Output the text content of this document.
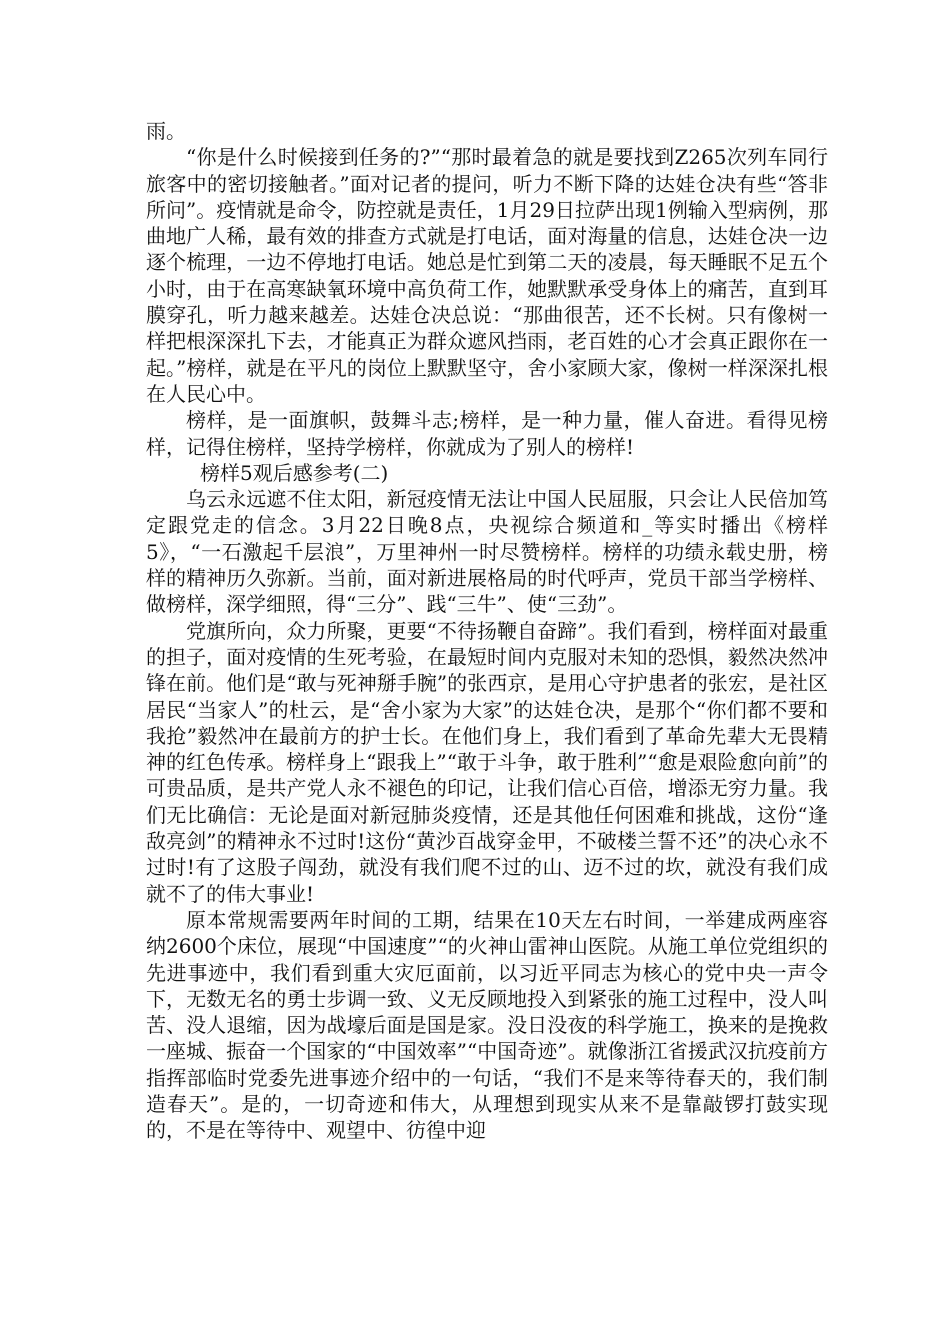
雨。

“你是什么时候接到任务的?”“那时最着急的就是要找到Z265次列车同行旅客中的密切接触者。”面对记者的提问，听力不断下降的达娃仓决有些“答非所问”。疫情就是命令，防控就是责任，1月29日拉萨出现1例输入型病例，那曲地广人稀，最有效的排查方式就是打电话，面对海量的信息，达娃仓决一边逐个梳理，一边不停地打电话。她总是忙到第二天的凌晨，每天睡眠不足五个小时，由于在高寒缺氧环境中高负荷工作，她默默承受身体上的痛苦，直到耳膜穿孔，听力越来越差。达娃仓决总说：“那曲很苦，还不长树。只有像树一样把根深深扎下去，才能真正为群众遮风挡雨，老百姓的心才会真正跟你在一起。”榜样，就是在平凡的岗位上默默坚守，舍小家顾大家，像树一样深深扎根在人民心中。

榜样，是一面旗帜，鼓舞斗志;榜样，是一种力量，催人奋进。看得见榜样，记得住榜样，坚持学榜样，你就成为了别人的榜样!

榜样5观后感参考(二)

乌云永远遮不住太阳，新冠疫情无法让中国人民屈服，只会让人民倍加笃定跟党走的信念。3月22日晚8点，央视综合频道和_等实时播出《榜样5》，“一石激起千层浪”，万里神州一时尽赞榜样。榜样的功绩永载史册，榜样的精神历久弥新。当前，面对新进展格局的时代呼声，党员干部当学榜样、做榜样，深学细照，得“三分”、践“三牛”、使“三劲”。

党旗所向，众力所聚，更要“不待扬鞭自奋蹄”。我们看到，榜样面对最重的担子，面对疫情的生死考验，在最短时间内克服对未知的恐惧，毅然决然冲锋在前。他们是“敢与死神掰手腕”的张西京，是用心守护患者的张宏，是社区居民“当家人”的杜云，是“舍小家为大家”的达娃仓决，是那个“你们都不要和我抢”毅然冲在最前方的护士长。在他们身上，我们看到了革命先辈大无畏精神的红色传承。榜样身上“跟我上”“敢于斗争，敢于胜利”“愈是艰险愈向前”的可贵品质，是共产党人永不褪色的印记，让我们信心百倍，增添无穷力量。我们无比确信：无论是面对新冠肺炎疫情，还是其他任何困难和挑战，这份“逢敌亮剑”的精神永不过时!这份“黄沙百战穿金甲，不破楼兰誓不还”的决心永不过时!有了这股子闯劲，就没有我们爬不过的山、迈不过的坎，就没有我们成就不了的伟大事业!

原本常规需要两年时间的工期，结果在10天左右时间，一举建成两座容纳2600个床位，展现“中国速度”“的火神山雷神山医院。从施工单位党组织的先进事迹中，我们看到重大灾厄面前，以习近平同志为核心的党中央一声令下，无数无名的勇士步调一致、义无反顾地投入到紧张的施工过程中，没人叫苦、没人退缩，因为战壕后面是国是家。没日没夜的科学施工，换来的是挽救一座城、振奋一个国家的“中国效率”“中国奇迹”。就像浙江省援武汉抗疫前方指挥部临时党委先进事迹介绍中的一句话，“我们不是来等待春天的，我们制造春天”。是的，一切奇迹和伟大，从理想到现实从来不是靠敲锣打鼓实现的，不是在等待中、观望中、彷徨中迎
